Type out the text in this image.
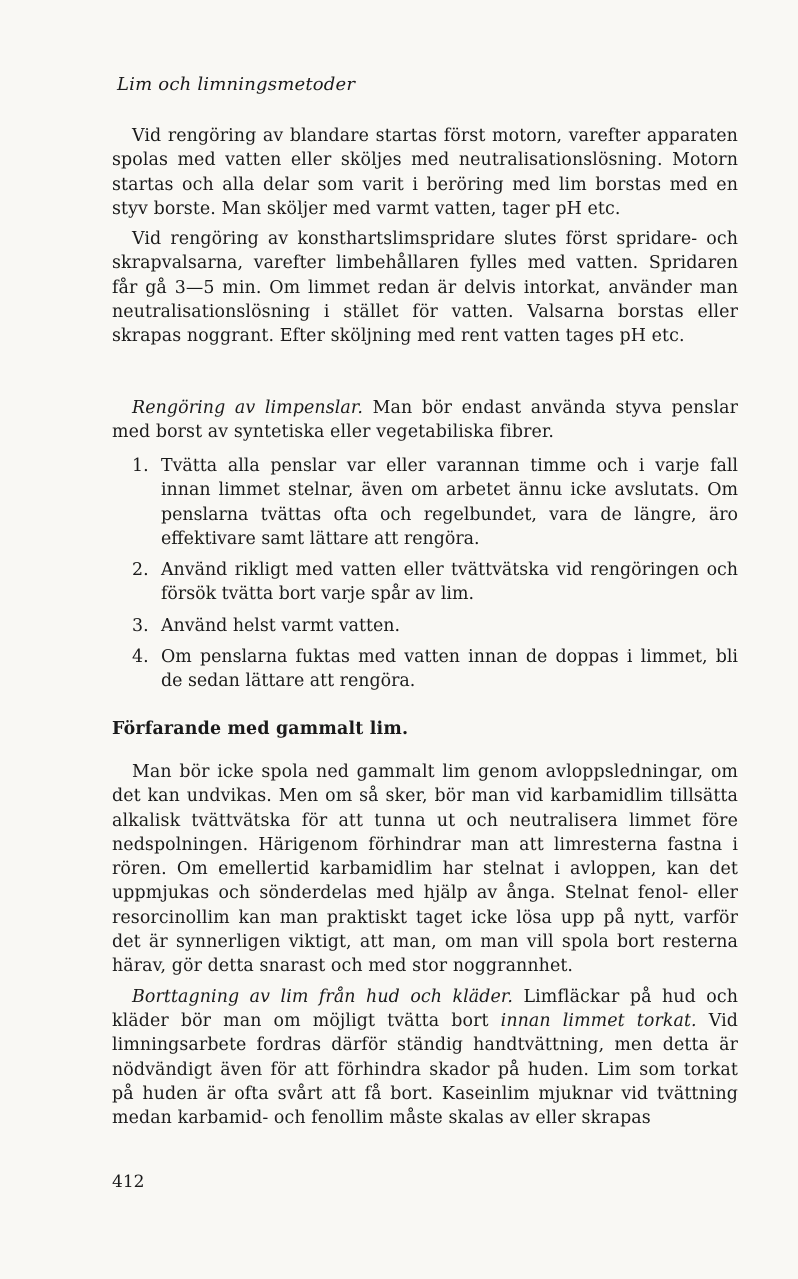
Lim och limningsmetoder

Vid rengöring av blandare startas först motorn, varefter apparaten spolas med vatten eller sköljes med neutralisationslösning. Motorn startas och alla delar som varit i beröring med lim borstas med en styv borste. Man sköljer med varmt vatten, tager pH etc.

Vid rengöring av konsthartslimspridare slutes först spridare- och skrapvalsarna, varefter limbehållaren fylles med vatten. Spridaren får gå 3—5 min. Om limmet redan är delvis intorkat, använder man neutralisationslösning i stället för vatten. Valsarna borstas eller skrapas noggrant. Efter sköljning med rent vatten tages pH etc.

Rengöring av limpenslar. Man bör endast använda styva penslar med borst av syntetiska eller vegetabiliska fibrer.

1. Tvätta alla penslar var eller varannan timme och i varje fall innan limmet stelnar, även om arbetet ännu icke avslutats. Om penslarna tvättas ofta och regelbundet, vara de längre, äro effektivare samt lättare att rengöra.
2. Använd rikligt med vatten eller tvättvätska vid rengöringen och försök tvätta bort varje spår av lim.
3. Använd helst varmt vatten.
4. Om penslarna fuktas med vatten innan de doppas i limmet, bli de sedan lättare att rengöra.
Förfarande med gammalt lim.

Man bör icke spola ned gammalt lim genom avloppsledningar, om det kan undvikas. Men om så sker, bör man vid karbamidlim tillsätta alkalisk tvättvätska för att tunna ut och neutralisera limmet före nedspolningen. Härigenom förhindrar man att limresterna fastna i rören. Om emellertid karbamidlim har stelnat i avloppen, kan det uppmjukas och sönderdelas med hjälp av ånga. Stelnat fenol- eller resorcinollim kan man praktiskt taget icke lösa upp på nytt, varför det är synnerligen viktigt, att man, om man vill spola bort resterna härav, gör detta snarast och med stor noggrannhet.

Borttagning av lim från hud och kläder. Limfläckar på hud och kläder bör man om möjligt tvätta bort innan limmet torkat. Vid limningsarbete fordras därför ständig handtvättning, men detta är nödvändigt även för att förhindra skador på huden. Lim som torkat på huden är ofta svårt att få bort. Kaseinlim mjuknar vid tvättning medan karbamid- och fenollim måste skalas av eller skrapas

412
